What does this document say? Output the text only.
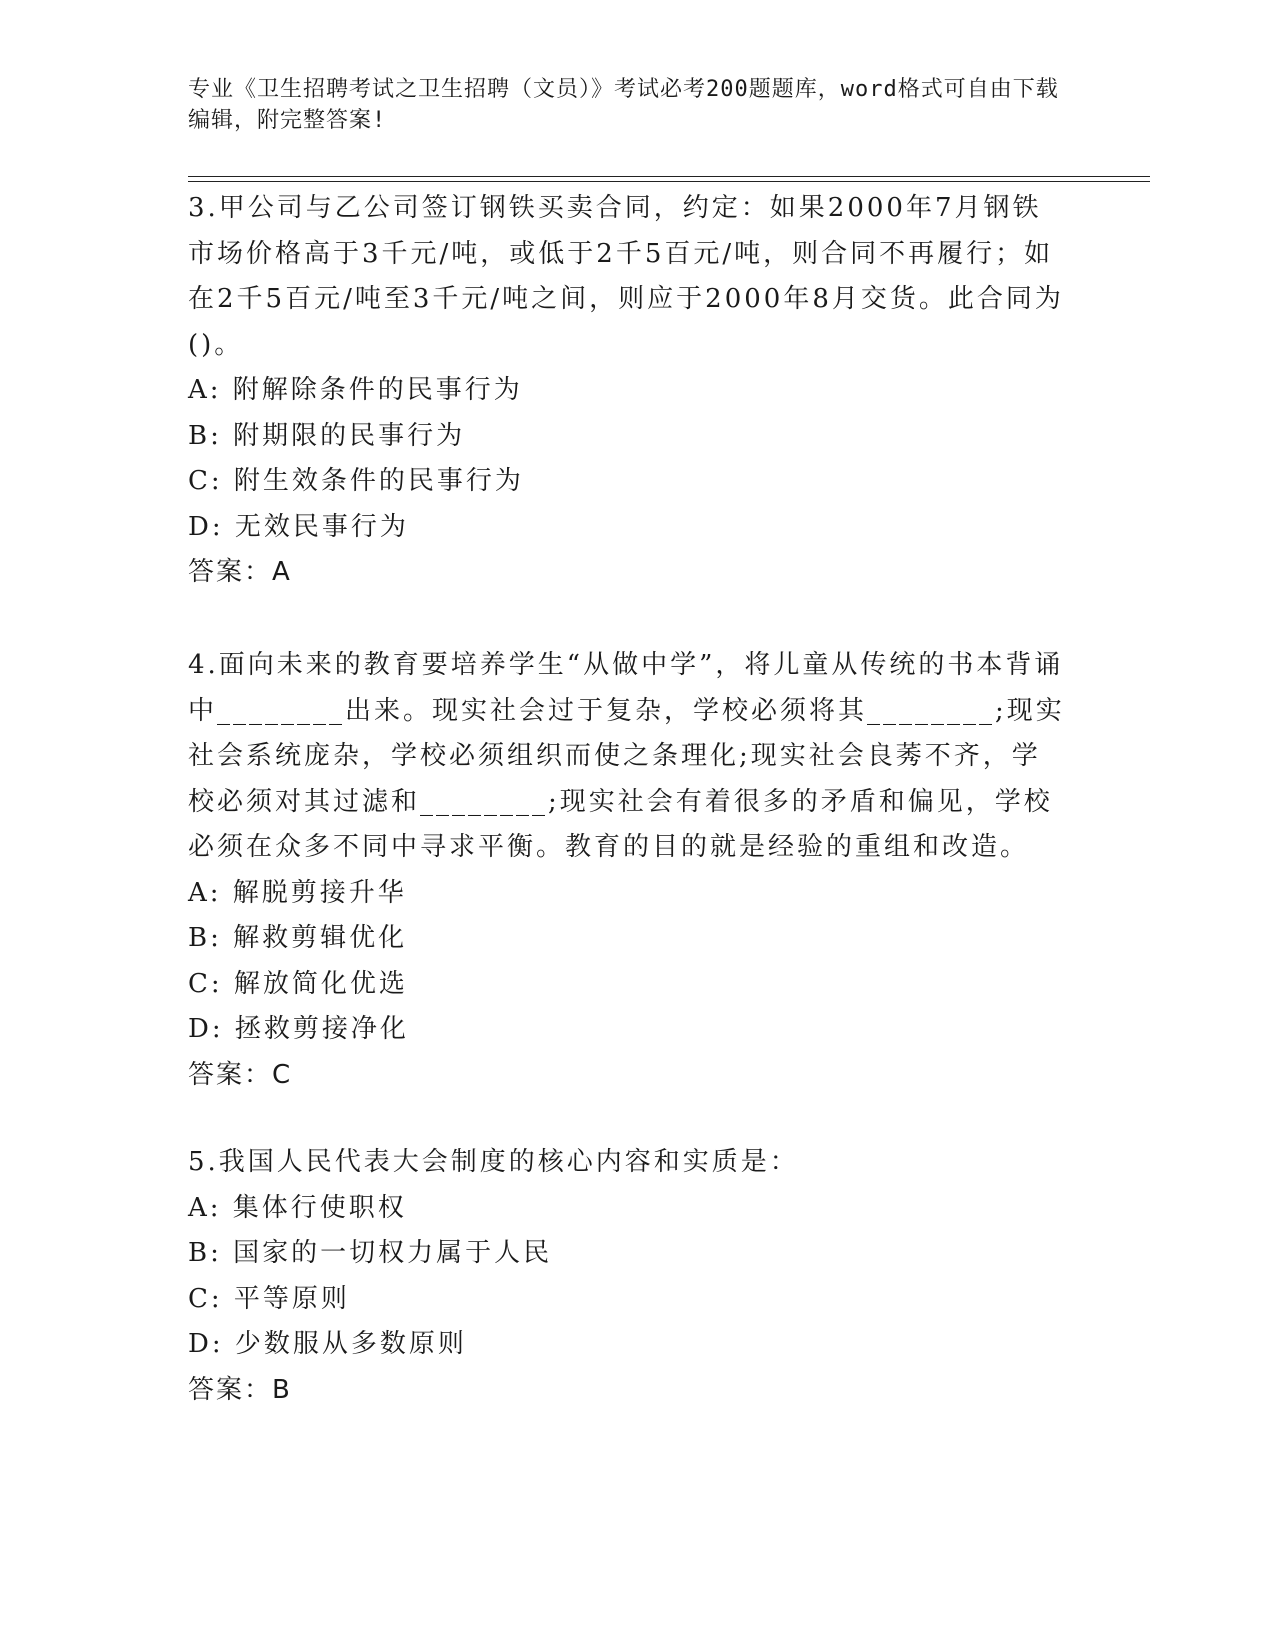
专业《卫生招聘考试之卫生招聘（文员）》考试必考200题题库，word格式可自由下载编辑，附完整答案!

3.甲公司与乙公司签订钢铁买卖合同，约定：如果2000年7月钢铁市场价格高于3千元/吨，或低于2千5百元/吨，则合同不再履行；如在2千5百元/吨至3千元/吨之间，则应于2000年8月交货。此合同为()。

A: 附解除条件的民事行为

B: 附期限的民事行为

C: 附生效条件的民事行为

D: 无效民事行为

答案：A

4.面向未来的教育要培养学生“从做中学”，将儿童从传统的书本背诵中________出来。现实社会过于复杂，学校必须将其________;现实社会系统庞杂，学校必须组织而使之条理化;现实社会良莠不齐，学校必须对其过滤和________;现实社会有着很多的矛盾和偏见，学校必须在众多不同中寻求平衡。教育的目的就是经验的重组和改造。

A: 解脱剪接升华

B: 解救剪辑优化

C: 解放简化优选

D: 拯救剪接净化

答案：C

5.我国人民代表大会制度的核心内容和实质是：

A: 集体行使职权

B: 国家的一切权力属于人民

C: 平等原则

D: 少数服从多数原则

答案：B
